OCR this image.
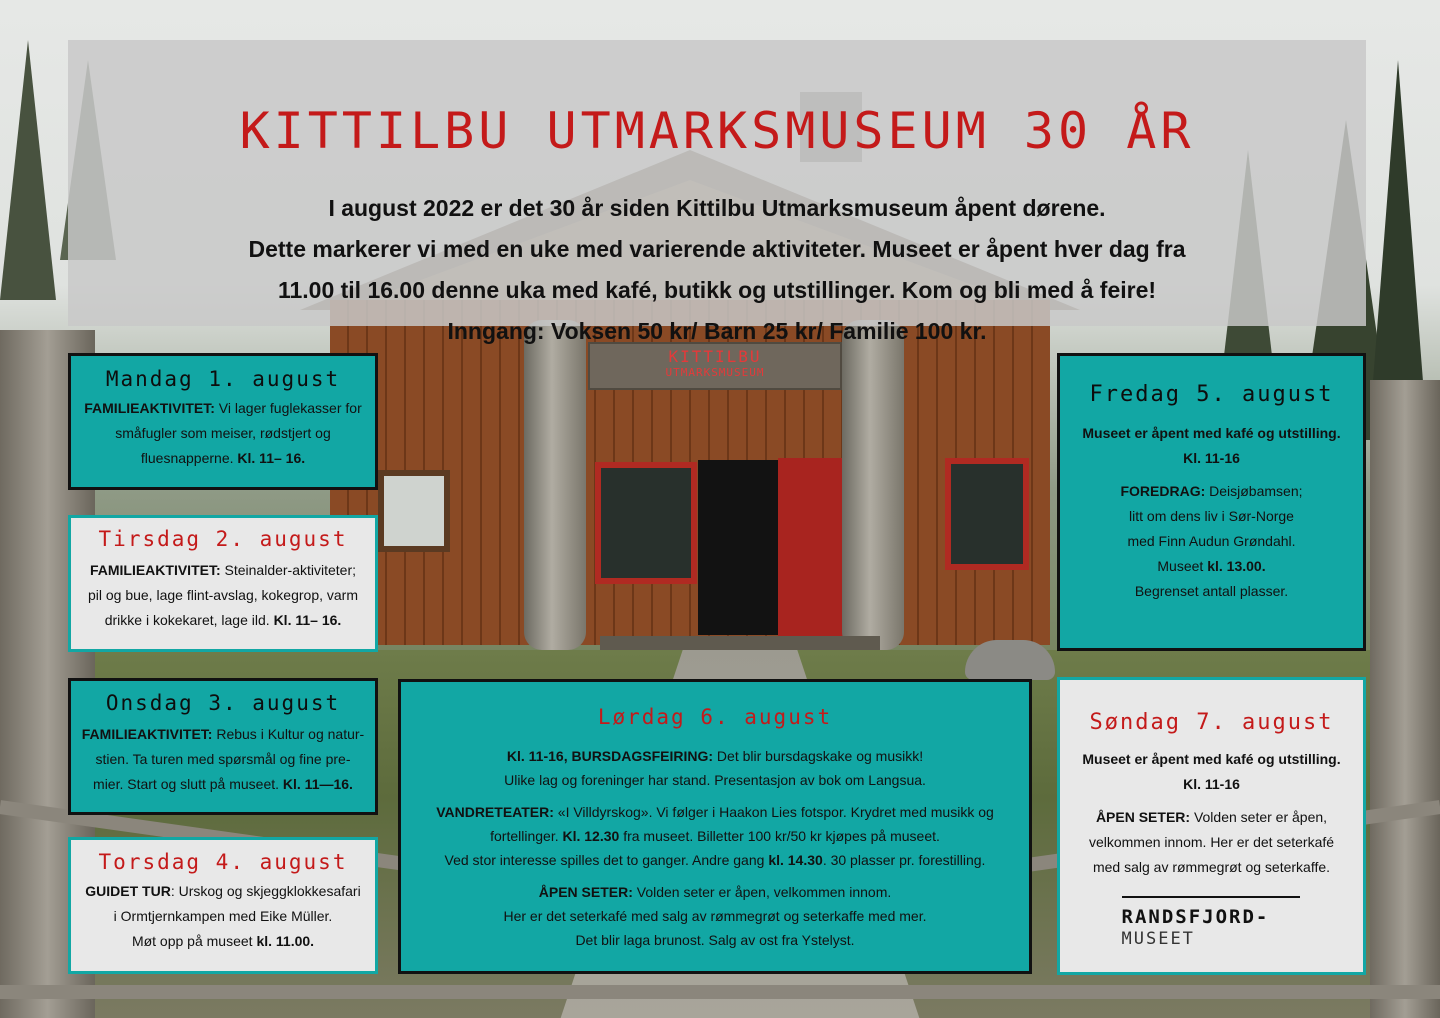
KITTILBU
UTMARKSMUSEUM
KITTILBU UTMARKSMUSEUM 30 ÅR
I august 2022 er det 30 år siden Kittilbu Utmarksmuseum åpent dørene.
Dette markerer vi med en uke med varierende aktiviteter. Museet er åpent hver dag fra
11.00 til 16.00 denne uka med kafé, butikk og utstillinger. Kom og bli med å feire!
Inngang: Voksen 50 kr/ Barn 25 kr/ Familie 100 kr.
Mandag 1. august

FAMILIEAKTIVITET: Vi lager fuglekasser for

småfugler som meiser, rødstjert og

fluesnapperne. Kl. 11– 16.

Tirsdag 2. august

FAMILIEAKTIVITET: Steinalder-aktiviteter;

pil og bue, lage flint-avslag, kokegrop, varm

drikke i kokekaret, lage ild. Kl. 11– 16.

Onsdag 3. august

FAMILIEAKTIVITET: Rebus i Kultur og natur-

stien. Ta turen med spørsmål og fine pre-

mier. Start og slutt på museet. Kl. 11—16.

Torsdag 4. august

GUIDET TUR: Urskog og skjeggklokkesafari

i Ormtjernkampen med Eike Müller.

Møt opp på museet kl. 11.00.

Fredag 5. august

Museet er åpent med kafé og utstilling.

Kl. 11-16

FOREDRAG: Deisjøbamsen;

litt om dens liv i Sør-Norge

med Finn Audun Grøndahl.

Museet kl. 13.00.

Begrenset antall plasser.

Lørdag 6. august

Kl. 11-16, BURSDAGSFEIRING: Det blir bursdagskake og musikk!

Ulike lag og foreninger har stand. Presentasjon av bok om Langsua.

VANDRETEATER: «I Villdyrskog». Vi følger i Haakon Lies fotspor. Krydret med musikk og

fortellinger. Kl. 12.30 fra museet. Billetter 100 kr/50 kr kjøpes på museet.

Ved stor interesse spilles det to ganger. Andre gang kl. 14.30. 30 plasser pr. forestilling.

ÅPEN SETER: Volden seter er åpen, velkommen innom.

Her er det seterkafé med salg av rømmegrøt og seterkaffe med mer.

Det blir laga brunost. Salg av ost fra Ystelyst.

Søndag 7. august

Museet er åpent med kafé og utstilling.

Kl. 11-16

ÅPEN SETER: Volden seter er åpen,

velkommen innom. Her er det seterkafé

med salg av rømmegrøt og seterkaffe.

RANDSFJORD-
MUSEET
